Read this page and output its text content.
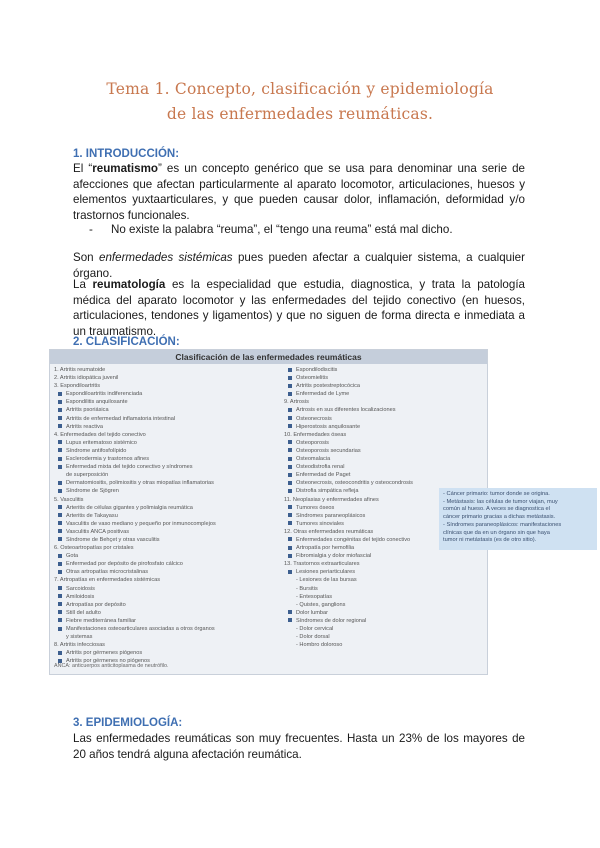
Tema 1. Concepto, clasificación y epidemiología
de las enfermedades reumáticas.
1. INTRODUCCIÓN:
El “reumatismo” es un concepto genérico que se usa para denominar una serie de afecciones que afectan particularmente al aparato locomotor, articulaciones, huesos y elementos yuxtaarticulares, y que pueden causar dolor, inflamación, deformidad y/o trastornos funcionales.
- No existe la palabra “reuma”, el “tengo una reuma” está mal dicho.
Son enfermedades sistémicas pues pueden afectar a cualquier sistema, a cualquier órgano.
La reumatología es la especialidad que estudia, diagnostica, y trata la patología médica del aparato locomotor y las enfermedades del tejido conectivo (en huesos, articulaciones, tendones y ligamentos) y que no siguen de forma directa e inmediata a un traumatismo.
2. CLASIFICACIÓN:
Clasificación de las enfermedades reumáticas
1. Artritis reumatoide
2. Artritis idiopática juvenil
3. Espondiloartritis
Espondiloartritis indiferenciada
Espondilitis anquilosante
Artritis psoriásica
Artritis de enfermedad inflamatoria intestinal
Artritis reactiva
4. Enfermedades del tejido conectivo
Lupus eritematoso sistémico
Síndrome antifosfolípido
Esclerodermia y trastornos afines
Enfermedad mixta del tejido conectivo y síndromes
de superposición
Dermatomiositis, polimiositis y otras miopatías inflamatorias
Síndrome de Sjögren
5. Vasculitis
Arteritis de células gigantes y polimialgia reumática
Arteritis de Takayasu
Vasculitis de vaso mediano y pequeño por inmunocomplejos
Vasculitis ANCA positivas
Síndrome de Behçet y otras vasculitis
6. Osteoartropatías por cristales
Gota
Enfermedad por depósito de pirofosfato cálcico
Otras artropatías microcristalinas
7. Artropatías en enfermedades sistémicas
Sarcoidosis
Amiloidosis
Artropatías por depósito
Still del adulto
Fiebre mediterránea familiar
Manifestaciones osteoarticulares asociadas a otros órganos
y sistemas
8. Artritis infecciosas
Artritis por gérmenes piógenos
Artritis por gérmenes no piógenos
Espondilodiscitis
Osteomielitis
Artritis postestreptocócica
Enfermedad de Lyme
9. Artrosis
Artrosis en sus diferentes localizaciones
Osteonecrosis
Hiperostosis anquilosante
10. Enfermedades óseas
Osteoporosis
Osteoporosis secundarias
Osteomalacia
Osteodistrofia renal
Enfermedad de Paget
Osteonecrosis, osteocondritis y osteocondrosis
Distrofia simpática refleja
11. Neoplasias y enfermedades afines
Tumores óseos
Síndromes paraneoplásicos
Tumores sinoviales
12. Otras enfermedades reumáticas
Enfermedades congénitas del tejido conectivo
Artropatía por hemofilia
Fibromialgia y dolor miofascial
13. Trastornos extraarticulares
Lesiones periarticulares
- Lesiones de las bursas
- Bursitis
- Entesopatías
- Quistes, ganglions
Dolor lumbar
Síndromes de dolor regional
- Dolor cervical
- Dolor dorsal
- Hombro doloroso
ANCA: anticuerpos anticitoplasma de neutrófilo.
- Cáncer primario: tumor donde se origina.
- Metástasis: las células de tumor viajan, muy
común al hueso. A veces se diagnostica el
cáncer primario gracias a dichas metástasis.
- Síndromes paraneoplásicos: manifestaciones
clínicas que da en un órgano sin que haya
tumor ni metástasis (es de otro sitio).
3. EPIDEMIOLOGÍA:
Las enfermedades reumáticas son muy frecuentes. Hasta un 23% de los mayores de 20 años tendrá alguna afectación reumática.
